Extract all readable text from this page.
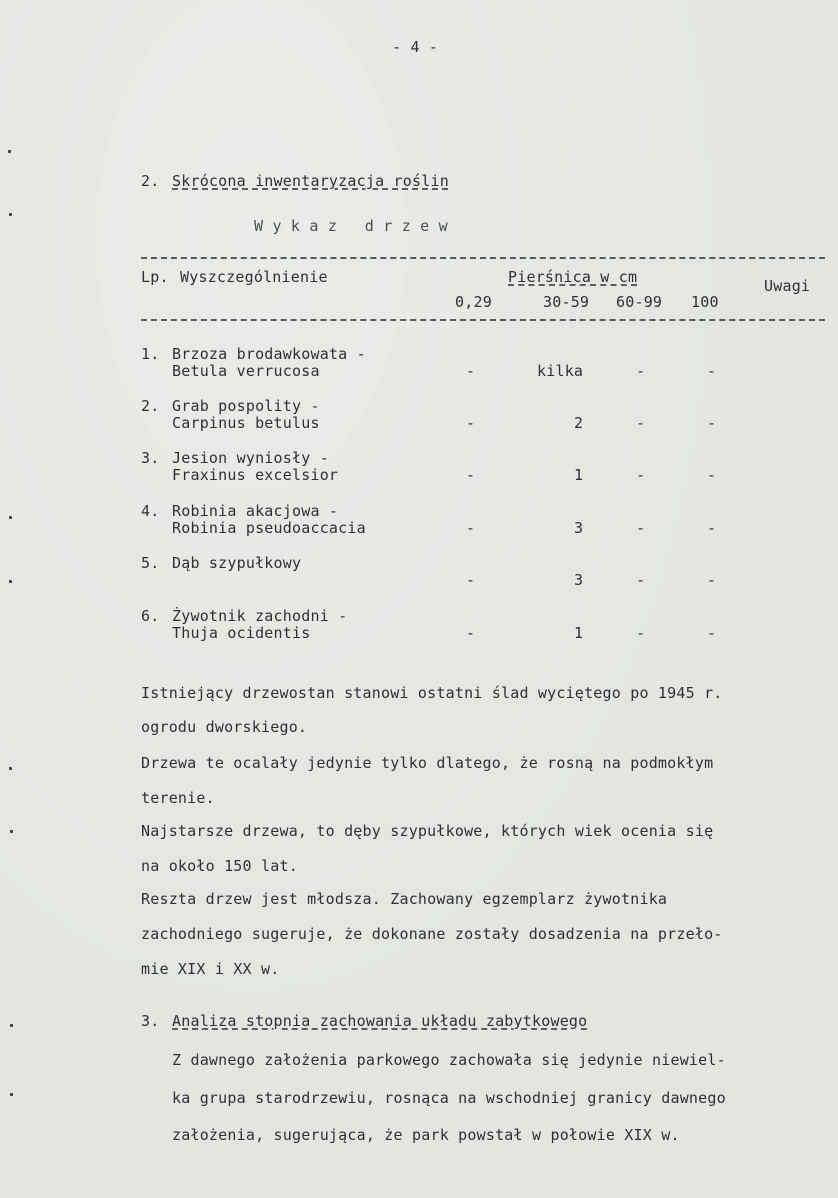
- 4 -
2. Skrócona inwentaryzacja roślin
W y k a z   d r z e w
Lp. Wyszczególnienie	Pierśnica w cm	Uwagi
0,29	30-59 60-99 100
1. Brzoza brodawkowata -
Betula verrucosa	-	kilka	-	-
2. Grab pospolity -
Carpinus betulus	-	2	-	-
3. Jesion wyniosły -
Fraxinus excelsior	-	1	-	-
4. Robinia akacjowa -
Robinia pseudoaccacia	-	3	-	-
5. Dąb szypułkowy
-	3	-	-
6. Żywotnik zachodni -
Thuja ocidentis	-	1	-	-
Istniejący drzewostan stanowi ostatni ślad wyciętego po 1945 r.
ogrodu dworskiego.
Drzewa te ocalały jedynie tylko dlatego, że rosną na podmokłym
terenie.
Najstarsze drzewa, to dęby szypułkowe, których wiek ocenia się
na około 150 lat.
Reszta drzew jest młodsza. Zachowany egzemplarz żywotnika
zachodniego sugeruje, że dokonane zostały dosadzenia na przeło-
mie XIX i XX w.
3. Analiza stopnia zachowania układu zabytkowego
Z dawnego założenia parkowego zachowała się jedynie niewiel-
ka grupa starodrzewiu, rosnąca na wschodniej granicy dawnego
założenia, sugerująca, że park powstał w połowie XIX w.
